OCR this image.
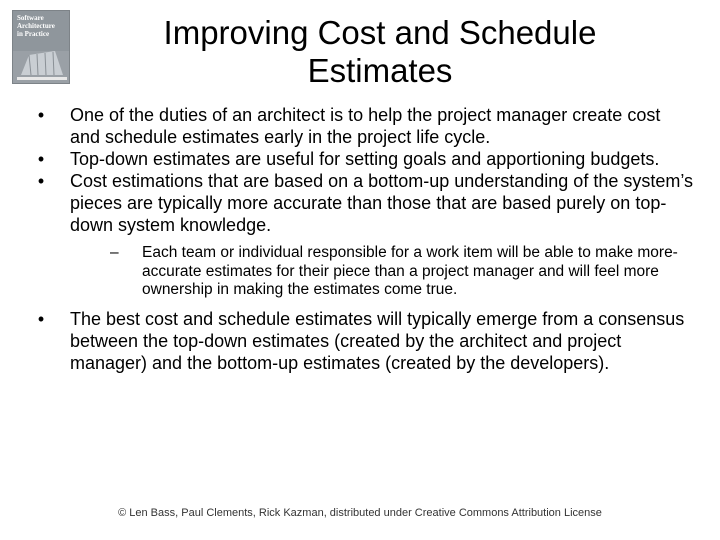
Software
Architecture
in Practice	Improving Cost and Schedule
Estimates
•	One of the duties of an architect is to help the project manager create cost and schedule estimates early in the project life cycle.
•	Top-down estimates are useful for setting goals and apportioning budgets.
•	Cost estimations that are based on a bottom-up understanding of the system’s pieces are typically more accurate than those that are based purely on top-down system knowledge.
– Each team or individual responsible for a work item will be able to make more-accurate estimates for their piece than a project manager and will feel more ownership in making the estimates come true.
•	The best cost and schedule estimates will typically emerge from a consensus between the top-down estimates (created by the architect and project manager) and the bottom-up estimates (created by the developers).
© Len Bass, Paul Clements, Rick Kazman, distributed under Creative Commons Attribution License
